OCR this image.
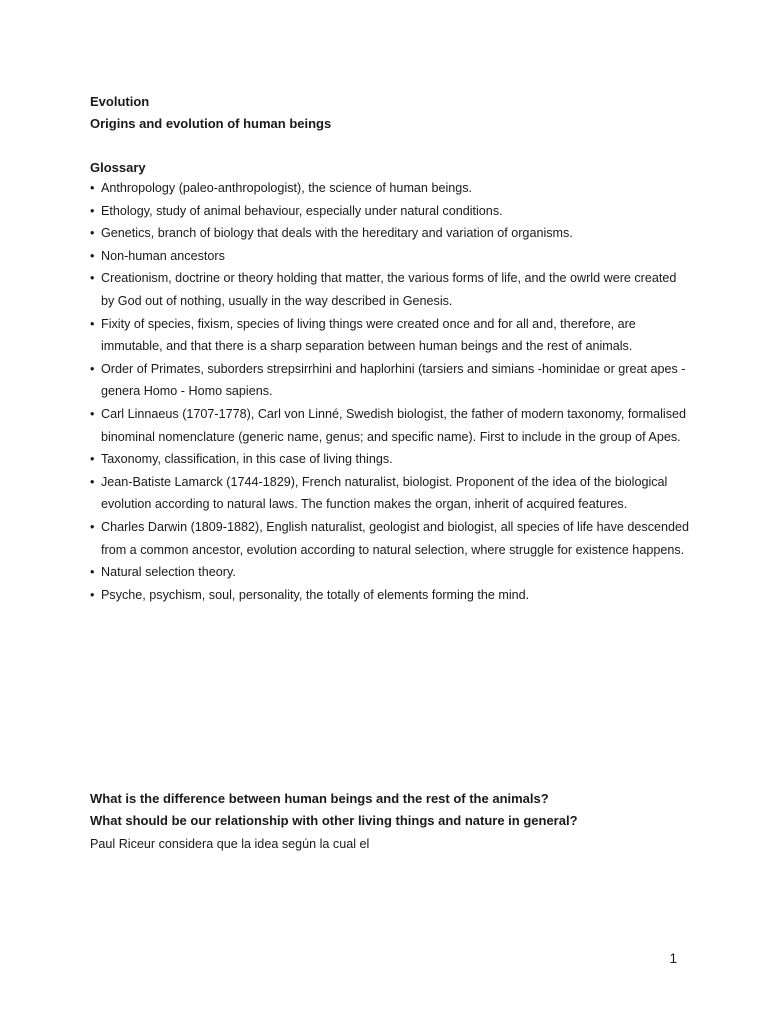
Evolution
Origins and evolution of human beings
Glossary
• Anthropology (paleo-anthropologist), the science of human beings.
• Ethology, study of animal behaviour, especially under natural conditions.
• Genetics, branch of biology that deals with the hereditary and variation of organisms.
• Non-human ancestors
• Creationism, doctrine or theory holding that matter, the various forms of life, and the owrld were created by God out of nothing, usually in the way described in Genesis.
• Fixity of species, fixism, species of living things were created once and for all and, therefore, are immutable, and that there is a sharp separation between human beings and the rest of animals.
• Order of Primates, suborders strepsirrhini and haplorhini (tarsiers and simians -hominidae or great apes - genera Homo - Homo sapiens.
• Carl Linnaeus (1707-1778), Carl von Linné, Swedish biologist, the father of modern taxonomy, formalised binominal nomenclature (generic name, genus; and specific name). First to include in the group of Apes.
• Taxonomy, classification, in this case of living things.
• Jean-Batiste Lamarck (1744-1829), French naturalist, biologist. Proponent of the idea of the biological evolution according to natural laws. The function makes the organ, inherit of acquired features.
• Charles Darwin (1809-1882), English naturalist, geologist and biologist, all species of life have descended from a common ancestor, evolution according to natural selection, where struggle for existence happens.
• Natural selection theory.
• Psyche, psychism, soul, personality, the totally of elements forming the mind.
What is the difference between human beings and the rest of the animals?
What should be our relationship with other living things and nature in general?
Paul Riceur considera que la idea según la cual el
1
